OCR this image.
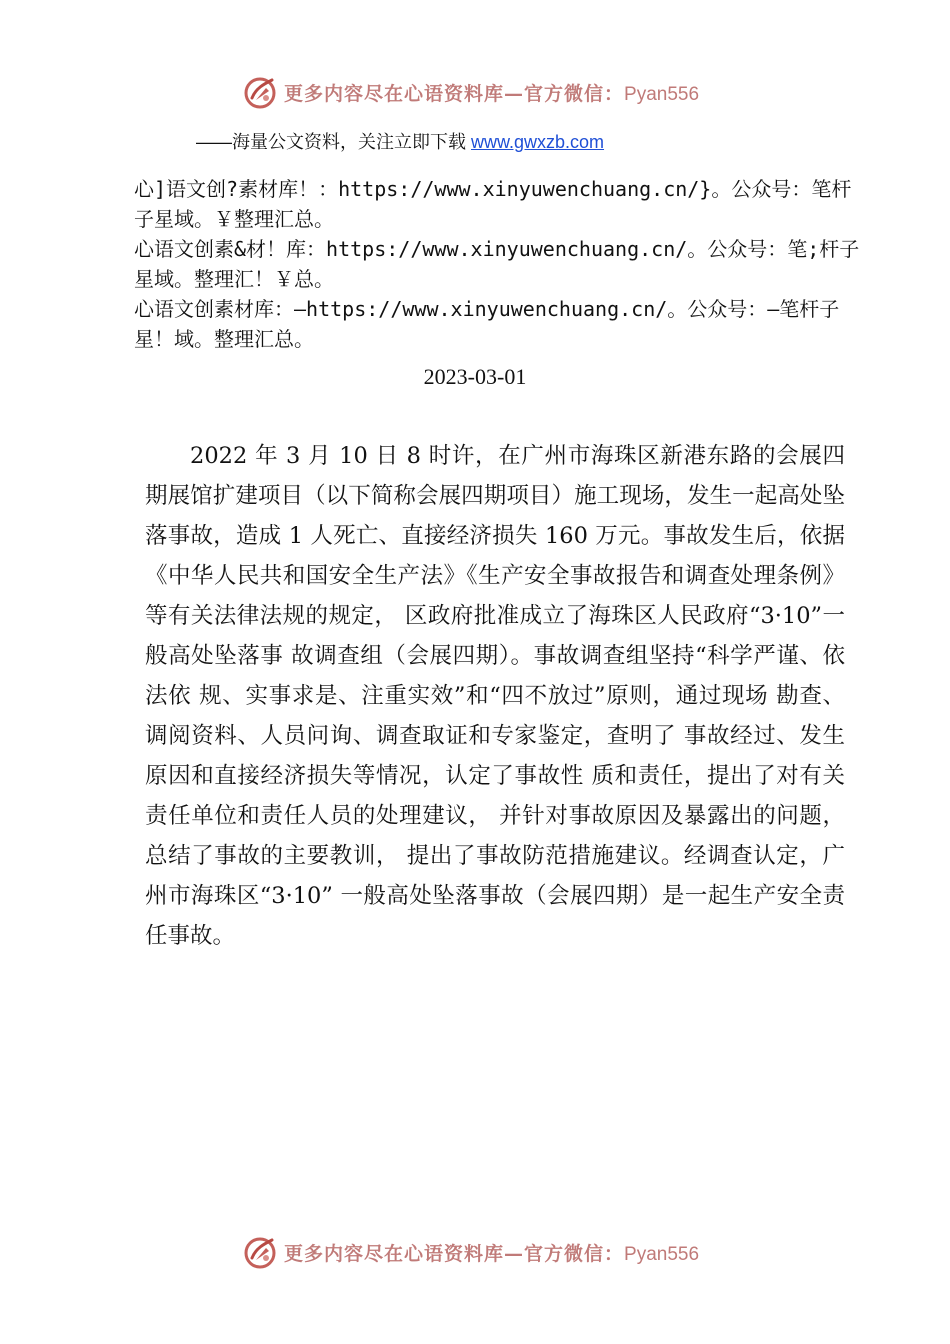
更多内容尽在心语资料库—官方微信：Pyan556
——海量公文资料，关注立即下载 www.gwxzb.com
心]语文创?素材库！：https://www.xinyuwenchuang.cn/}。公众号：笔杆子星域。￥整理汇总。
心语文创素&材！库：https://www.xinyuwenchuang.cn/。公众号：笔;杆子星域。整理汇！￥总。
心语文创素材库：—https://www.xinyuwenchuang.cn/。公众号：—笔杆子星！域。整理汇总。
2023-03-01
2022 年 3 月 10 日 8 时许，在广州市海珠区新港东路的会展四期展馆扩建项目（以下简称会展四期项目）施工现场，发生一起高处坠落事故，造成 1 人死亡、直接经济损失 160 万元。事故发生后，依据《中华人民共和国安全生产法》《生产安全事故报告和调查处理条例》等有关法律法规的规定， 区政府批准成立了海珠区人民政府“3·10”一般高处坠落事 故调查组（会展四期）。事故调查组坚持“科学严谨、依法依 规、实事求是、注重实效”和“四不放过”原则，通过现场 勘查、调阅资料、人员问询、调查取证和专家鉴定，查明了 事故经过、发生原因和直接经济损失等情况，认定了事故性 质和责任，提出了对有关责任单位和责任人员的处理建议， 并针对事故原因及暴露出的问题，总结了事故的主要教训， 提出了事故防范措施建议。经调查认定，广州市海珠区“3·10” 一般高处坠落事故（会展四期）是一起生产安全责任事故。
更多内容尽在心语资料库—官方微信：Pyan556
